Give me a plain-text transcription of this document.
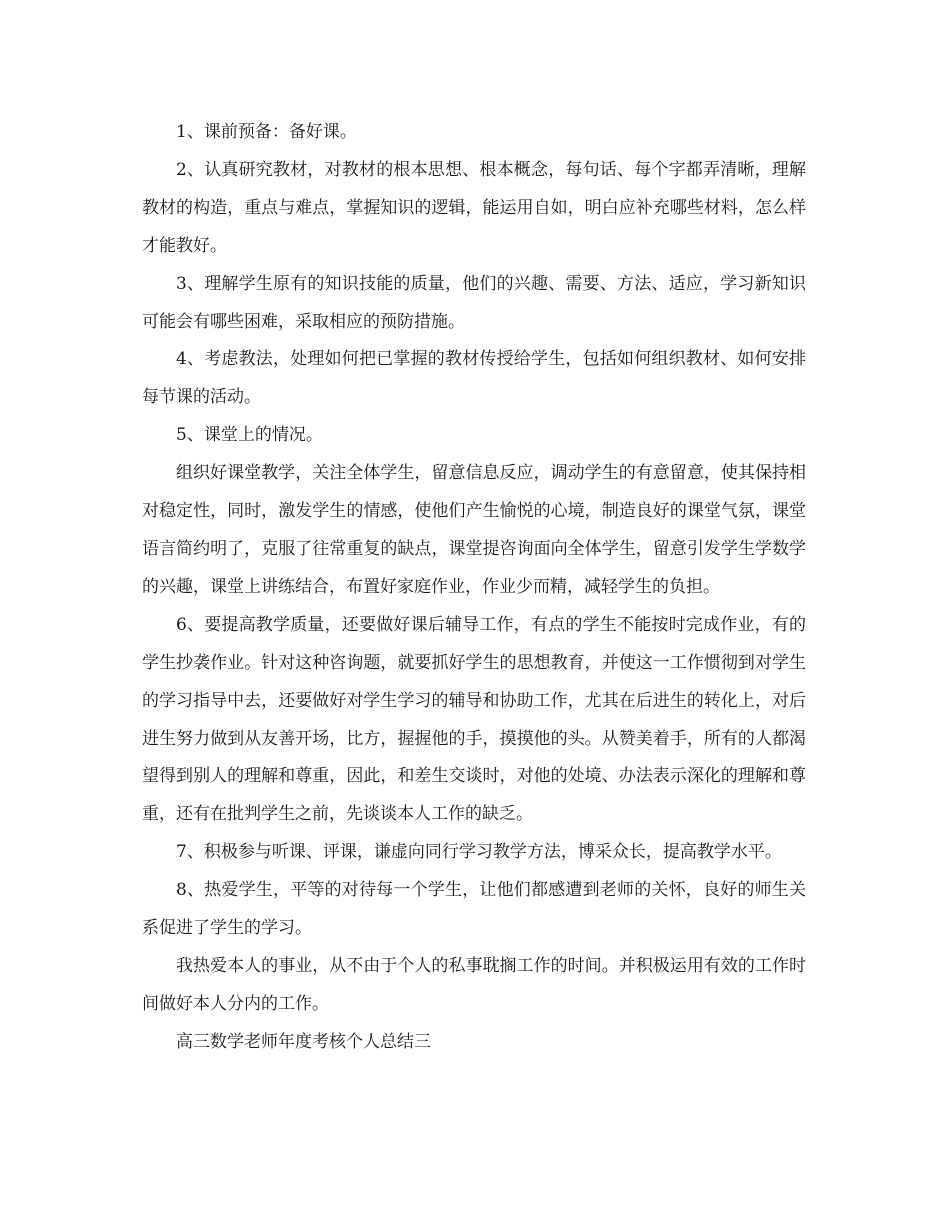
1、课前预备：备好课。

2、认真研究教材，对教材的根本思想、根本概念，每句话、每个字都弄清晰，理解教材的构造，重点与难点，掌握知识的逻辑，能运用自如，明白应补充哪些材料，怎么样才能教好。

3、理解学生原有的知识技能的质量，他们的兴趣、需要、方法、适应，学习新知识可能会有哪些困难，采取相应的预防措施。

4、考虑教法，处理如何把已掌握的教材传授给学生，包括如何组织教材、如何安排每节课的活动。

5、课堂上的情况。

组织好课堂教学，关注全体学生，留意信息反应，调动学生的有意留意，使其保持相对稳定性，同时，激发学生的情感，使他们产生愉悦的心境，制造良好的课堂气氛，课堂语言简约明了，克服了往常重复的缺点，课堂提咨询面向全体学生，留意引发学生学数学的兴趣，课堂上讲练结合，布置好家庭作业，作业少而精，减轻学生的负担。

6、要提高教学质量，还要做好课后辅导工作，有点的学生不能按时完成作业，有的学生抄袭作业。针对这种咨询题，就要抓好学生的思想教育，并使这一工作惯彻到对学生的学习指导中去，还要做好对学生学习的辅导和协助工作，尤其在后进生的转化上，对后进生努力做到从友善开场，比方，握握他的手，摸摸他的头。从赞美着手，所有的人都渴望得到别人的理解和尊重，因此，和差生交谈时，对他的处境、办法表示深化的理解和尊重，还有在批判学生之前，先谈谈本人工作的缺乏。

7、积极参与听课、评课，谦虚向同行学习教学方法，博采众长，提高教学水平。

8、热爱学生，平等的对待每一个学生，让他们都感遭到老师的关怀，良好的师生关系促进了学生的学习。

我热爱本人的事业，从不由于个人的私事耽搁工作的时间。并积极运用有效的工作时间做好本人分内的工作。

高三数学老师年度考核个人总结三
